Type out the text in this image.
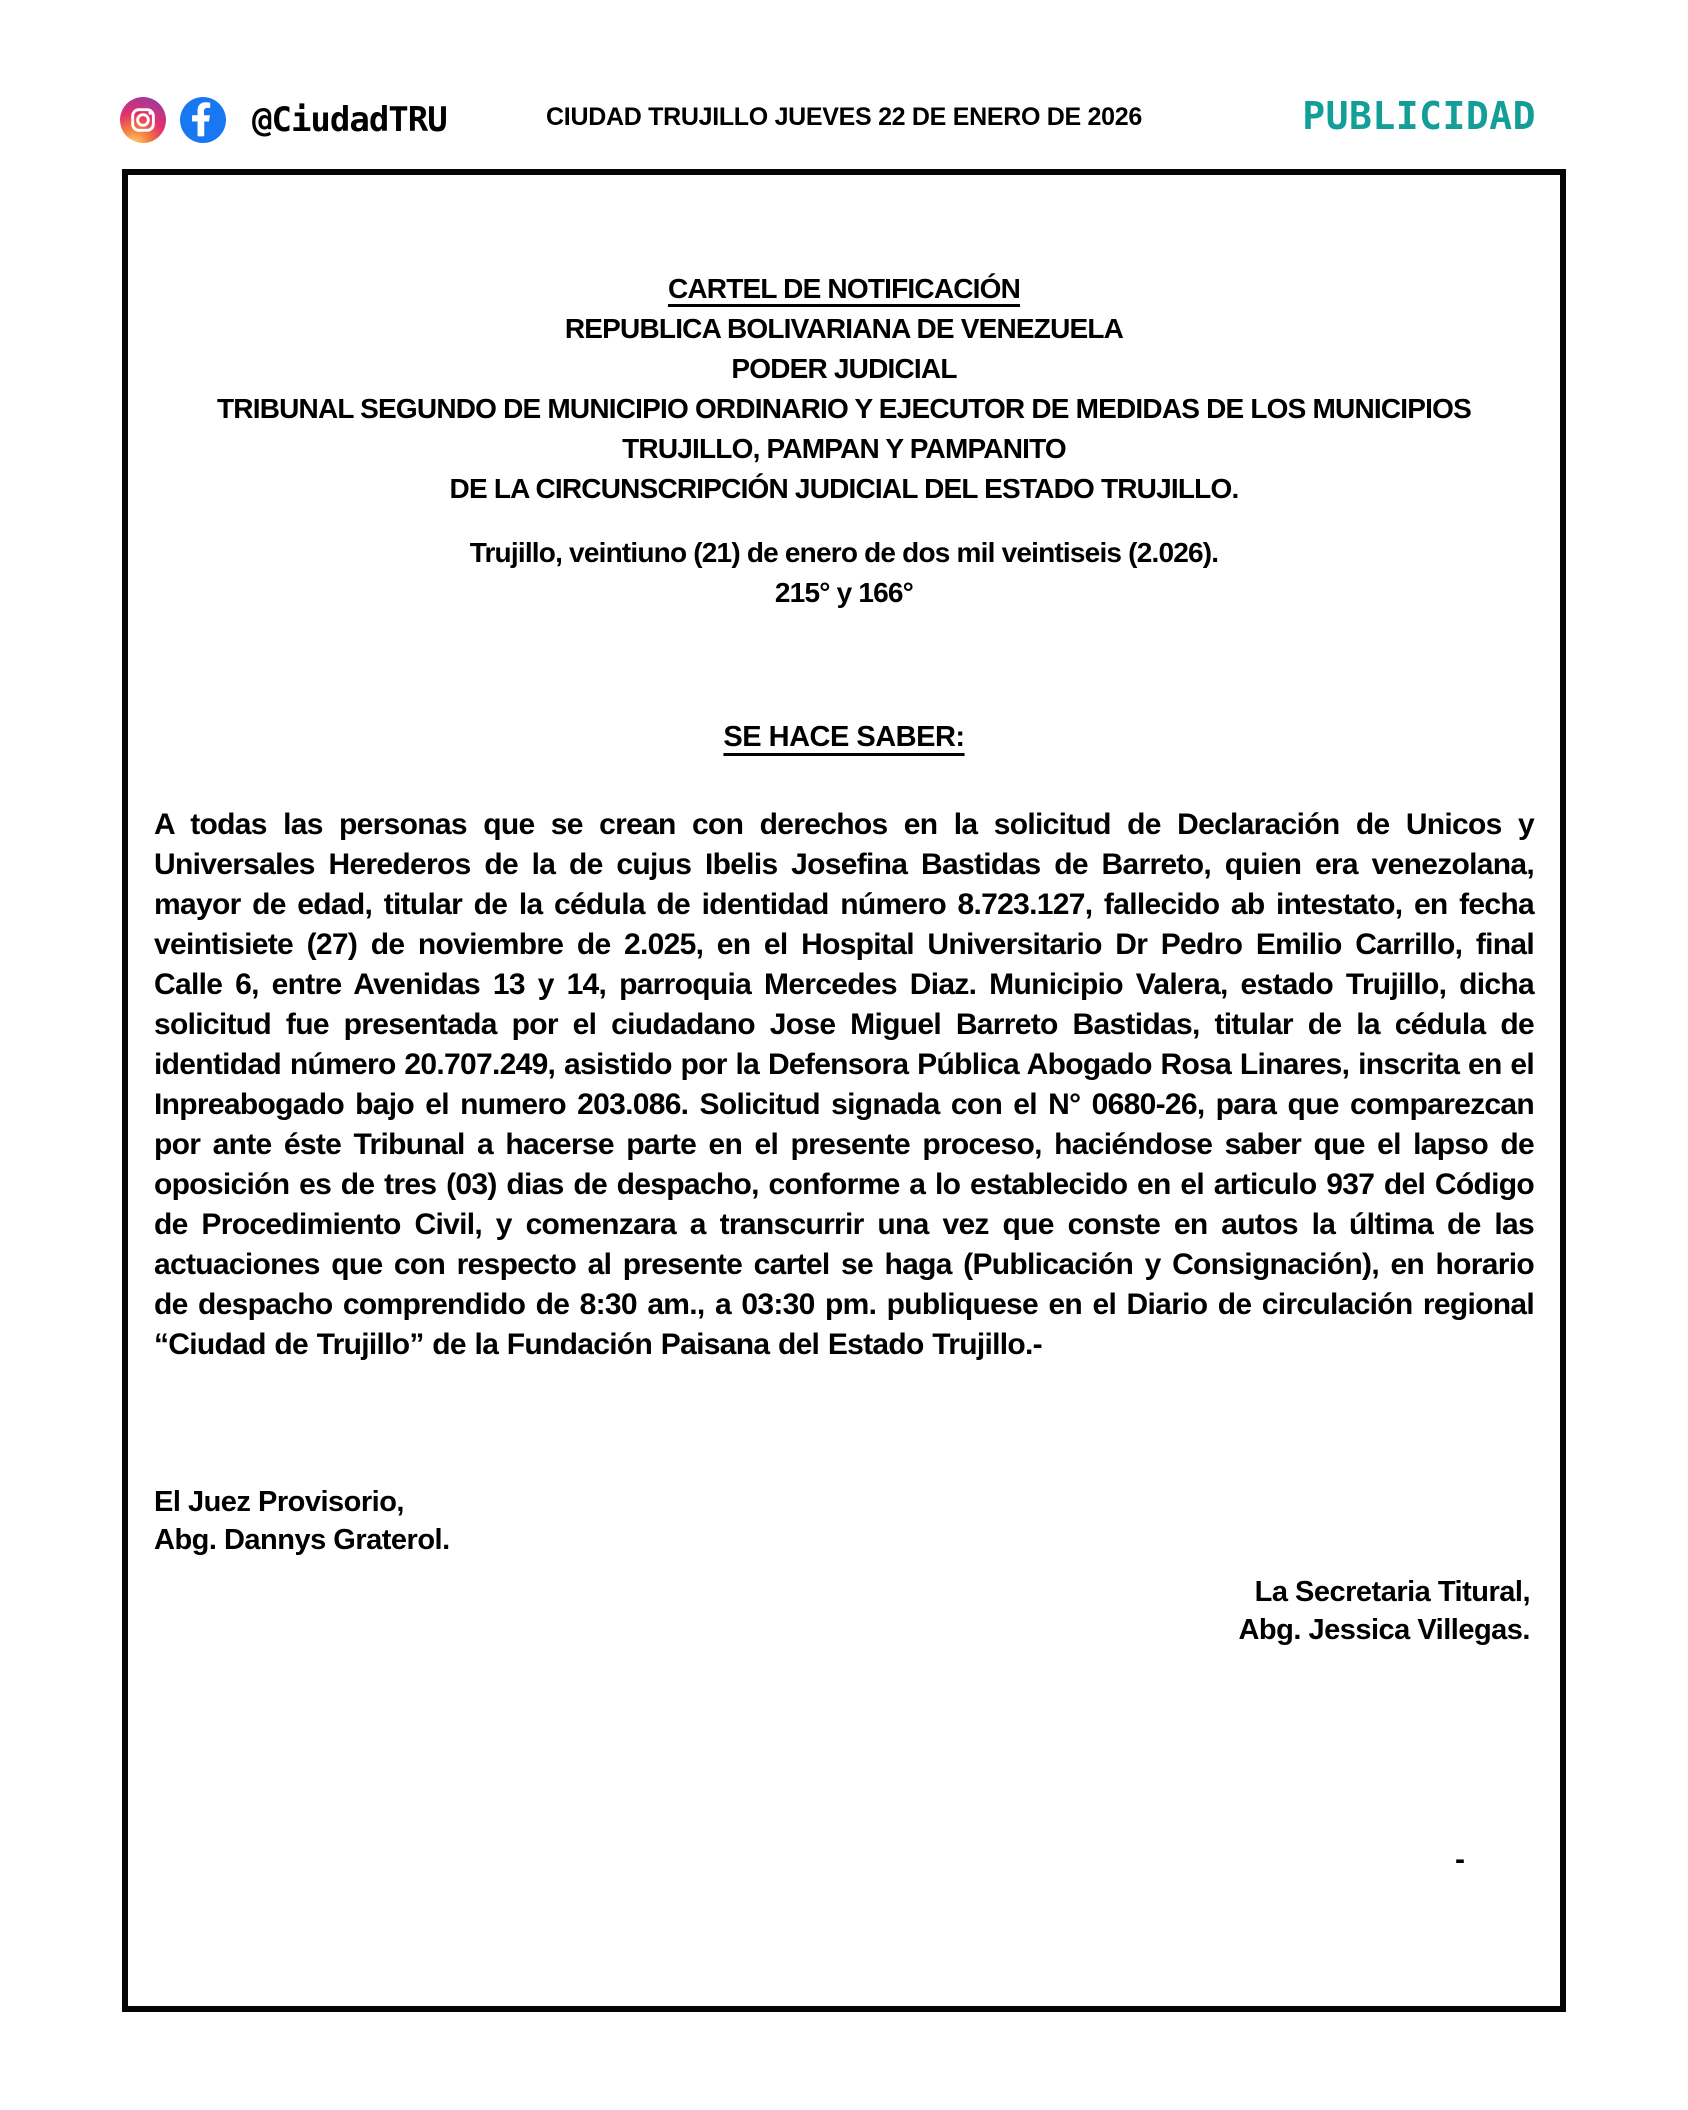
@CiudadTRU	CIUDAD TRUJILLO JUEVES 22 DE ENERO DE 2026	PUBLICIDAD
CARTEL DE NOTIFICACIÓN
REPUBLICA BOLIVARIANA DE VENEZUELA
PODER JUDICIAL
TRIBUNAL SEGUNDO DE MUNICIPIO ORDINARIO Y EJECUTOR DE MEDIDAS DE LOS MUNICIPIOS
TRUJILLO, PAMPAN Y PAMPANITO
DE LA CIRCUNSCRIPCIÓN JUDICIAL DEL ESTADO TRUJILLO.
Trujillo, veintiuno (21) de enero de dos mil veintiseis (2.026).
215° y 166°
SE HACE SABER:

A todas las personas que se crean con derechos en la solicitud de Declaración de Unicos y Universales Herederos de la de cujus Ibelis Josefina Bastidas de Barreto, quien era venezolana, mayor de edad, titular de la cédula de identidad número 8.723.127, fallecido ab intestato, en fecha veintisiete (27) de noviembre de 2.025, en el Hospital Universitario Dr Pedro Emilio Carrillo, final Calle 6, entre Avenidas 13 y 14, parroquia Mercedes Diaz. Municipio Valera, estado Trujillo, dicha solicitud fue presentada por el ciudadano Jose Miguel Barreto Bastidas, titular de la cédula de identidad número 20.707.249, asistido por la Defensora Pública Abogado Rosa Linares, inscrita en el Inpreabogado bajo el numero 203.086. Solicitud signada con el N° 0680-26, para que comparezcan por ante éste Tribunal a hacerse parte en el presente proceso, haciéndose saber que el lapso de oposición es de tres (03) dias de despacho, conforme a lo establecido en el articulo 937 del Código de Procedimiento Civil, y comenzara a transcurrir una vez que conste en autos la última de las actuaciones que con respecto al presente cartel se haga (Publicación y Consignación), en horario de despacho comprendido de 8:30 am., a 03:30 pm. publiquese en el Diario de circulación regional “Ciudad de Trujillo” de la Fundación Paisana del Estado Trujillo.-

El Juez Provisorio,
Abg. Dannys Graterol.
La Secretaria Titural,
Abg. Jessica Villegas.
-
